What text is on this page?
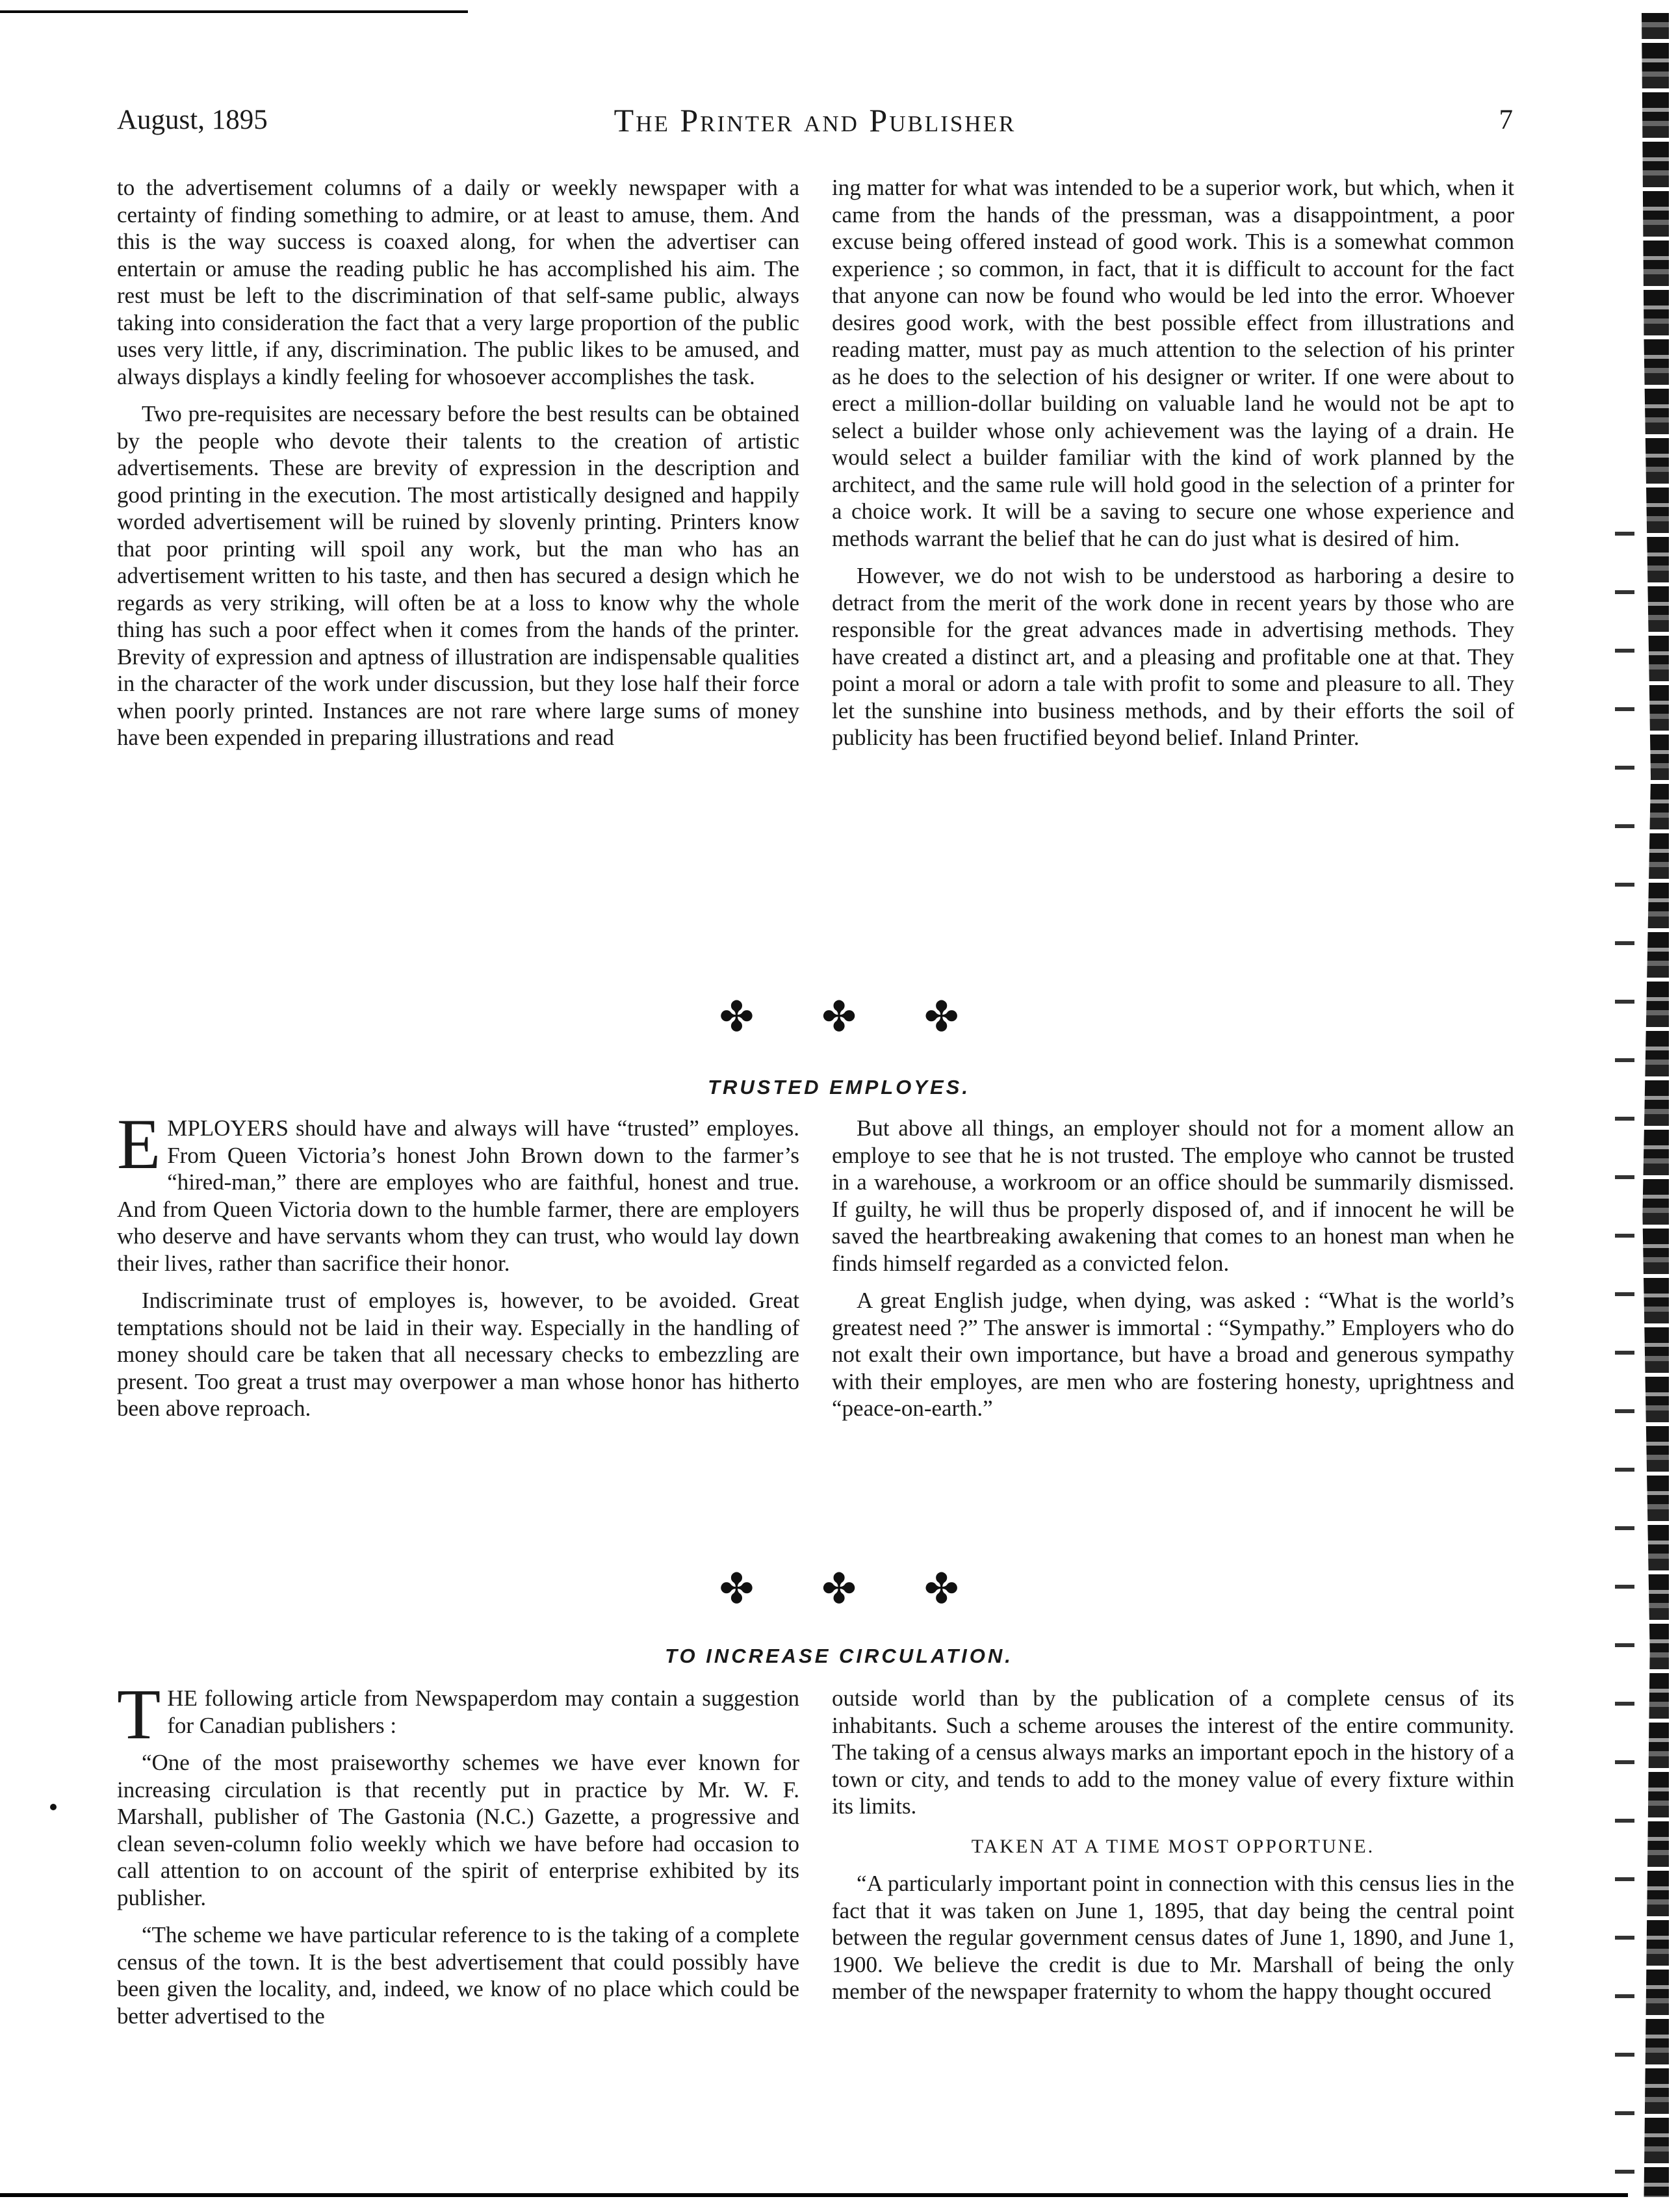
August, 1895	The Printer and Publisher	7

to the advertisement columns of a daily or weekly newspaper with a certainty of finding something to admire, or at least to amuse, them. And this is the way success is coaxed along, for when the advertiser can entertain or amuse the reading public he has accomplished his aim. The rest must be left to the discrimination of that self-same public, always taking into consideration the fact that a very large proportion of the public uses very little, if any, discrimination. The public likes to be amused, and always displays a kindly feeling for whosoever accomplishes the task.

Two pre-requisites are necessary before the best results can be obtained by the people who devote their talents to the creation of artistic advertisements. These are brevity of expression in the description and good printing in the execution. The most artistically designed and happily worded advertisement will be ruined by slovenly printing. Printers know that poor printing will spoil any work, but the man who has an advertisement written to his taste, and then has secured a design which he regards as very striking, will often be at a loss to know why the whole thing has such a poor effect when it comes from the hands of the printer. Brevity of expression and aptness of illustration are indispensable qualities in the character of the work under discussion, but they lose half their force when poorly printed. Instances are not rare where large sums of money have been expended in preparing illustrations and read

ing matter for what was intended to be a superior work, but which, when it came from the hands of the pressman, was a disappointment, a poor excuse being offered instead of good work. This is a somewhat common experience ; so common, in fact, that it is difficult to account for the fact that anyone can now be found who would be led into the error. Whoever desires good work, with the best possible effect from illustrations and reading matter, must pay as much attention to the selection of his printer as he does to the selection of his designer or writer. If one were about to erect a million-dollar building on valuable land he would not be apt to select a builder whose only achievement was the laying of a drain. He would select a builder familiar with the kind of work planned by the architect, and the same rule will hold good in the selection of a printer for a choice work. It will be a saving to secure one whose experience and methods warrant the belief that he can do just what is desired of him.

However, we do not wish to be understood as harboring a desire to detract from the merit of the work done in recent years by those who are responsible for the great advances made in advertising methods. They have created a distinct art, and a pleasing and profitable one at that. They point a moral or adorn a tale with profit to some and pleasure to all. They let the sunshine into business methods, and by their efforts the soil of publicity has been fructified beyond belief. Inland Printer.

✤ ✤ ✤
TRUSTED EMPLOYES.

EMPLOYERS should have and always will have “trusted” employes. From Queen Victoria’s honest John Brown down to the farmer’s “hired-man,” there are employes who are faithful, honest and true. And from Queen Victoria down to the humble farmer, there are employers who deserve and have servants whom they can trust, who would lay down their lives, rather than sacrifice their honor.

Indiscriminate trust of employes is, however, to be avoided. Great temptations should not be laid in their way. Especially in the handling of money should care be taken that all necessary checks to embezzling are present. Too great a trust may overpower a man whose honor has hitherto been above reproach.

But above all things, an employer should not for a moment allow an employe to see that he is not trusted. The employe who cannot be trusted in a warehouse, a workroom or an office should be summarily dismissed. If guilty, he will thus be properly disposed of, and if innocent he will be saved the heartbreaking awakening that comes to an honest man when he finds himself regarded as a convicted felon.

A great English judge, when dying, was asked : “What is the world’s greatest need ?” The answer is immortal : “Sympathy.” Employers who do not exalt their own importance, but have a broad and generous sympathy with their employes, are men who are fostering honesty, uprightness and “peace-on-earth.”

✤ ✤ ✤
TO INCREASE CIRCULATION.

THE following article from Newspaperdom may contain a suggestion for Canadian publishers :

“One of the most praiseworthy schemes we have ever known for increasing circulation is that recently put in practice by Mr. W. F. Marshall, publisher of The Gastonia (N.C.) Gazette, a progressive and clean seven-column folio weekly which we have before had occasion to call attention to on account of the spirit of enterprise exhibited by its publisher.

“The scheme we have particular reference to is the taking of a complete census of the town. It is the best advertisement that could possibly have been given the locality, and, indeed, we know of no place which could be better advertised to the

outside world than by the publication of a complete census of its inhabitants. Such a scheme arouses the interest of the entire community. The taking of a census always marks an important epoch in the history of a town or city, and tends to add to the money value of every fixture within its limits.

TAKEN AT A TIME MOST OPPORTUNE.

“A particularly important point in connection with this census lies in the fact that it was taken on June 1, 1895, that day being the central point between the regular government census dates of June 1, 1890, and June 1, 1900. We believe the credit is due to Mr. Marshall of being the only member of the newspaper fraternity to whom the happy thought occured
